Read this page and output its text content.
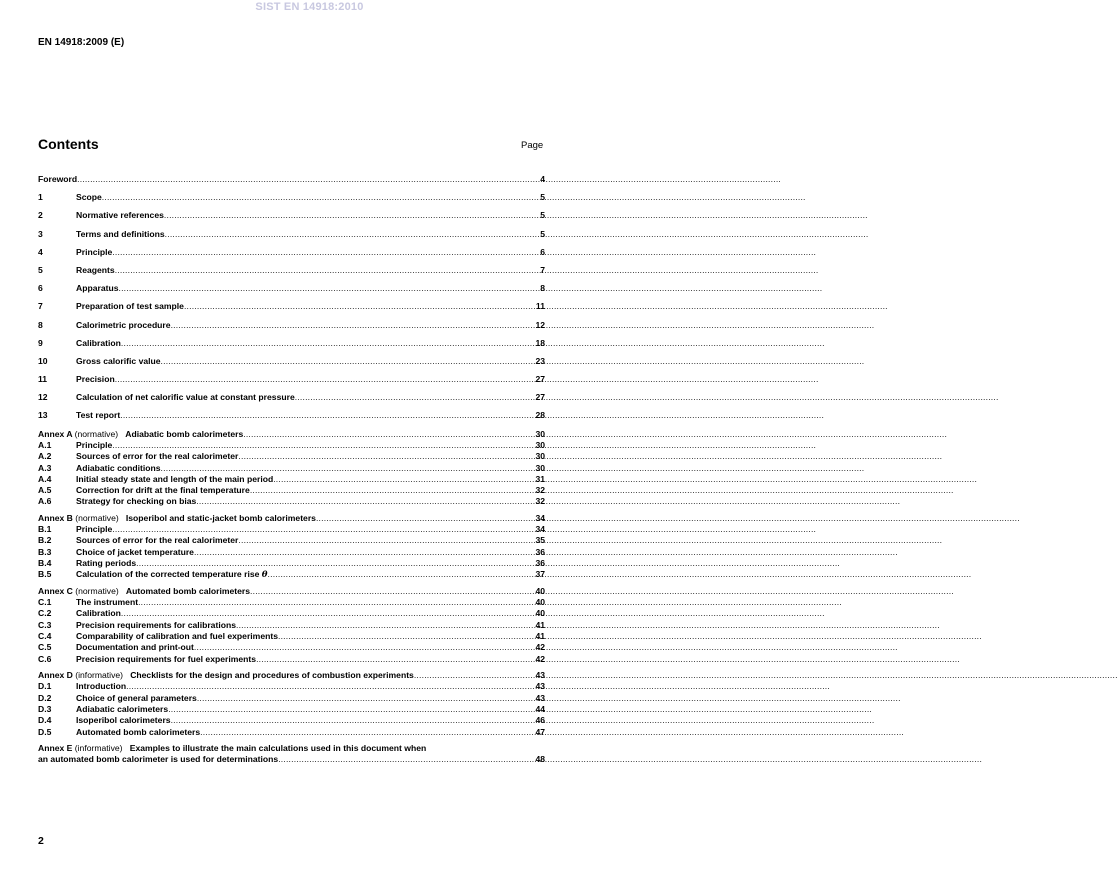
SIST EN 14918:2010
EN 14918:2009 (E)
Contents	Page
Foreword .....	4
1	Scope .....	5
2	Normative references .....	5
3	Terms and definitions .....	5
4	Principle .....	6
5	Reagents .....	7
6	Apparatus .....	8
7	Preparation of test sample .....	11
8	Calorimetric procedure .....	12
9	Calibration .....	18
10	Gross calorific value .....	23
11	Precision .....	27
12	Calculation of net calorific value at constant pressure .....	27
13	Test report .....	28
Annex A (normative) Adiabatic bomb calorimeters .....	30
A.1	Principle .....	30
A.2	Sources of error for the real calorimeter .....	30
A.3	Adiabatic conditions .....	30
A.4	Initial steady state and length of the main period .....	31
A.5	Correction for drift at the final temperature .....	32
A.6	Strategy for checking on bias .....	32
Annex B (normative) Isoperibol and static-jacket bomb calorimeters .....	34
B.1	Principle .....	34
B.2	Sources of error for the real calorimeter .....	35
B.3	Choice of jacket temperature .....	36
B.4	Rating periods .....	36
B.5	Calculation of the corrected temperature rise θ .....	37
Annex C (normative) Automated bomb calorimeters .....	40
C.1	The instrument .....	40
C.2	Calibration .....	40
C.3	Precision requirements for calibrations .....	41
C.4	Comparability of calibration and fuel experiments .....	41
C.5	Documentation and print-out .....	42
C.6	Precision requirements for fuel experiments .....	42
Annex D (informative) Checklists for the design and procedures of combustion experiments .....	43
D.1	Introduction .....	43
D.2	Choice of general parameters .....	43
D.3	Adiabatic calorimeters .....	44
D.4	Isoperibol calorimeters .....	46
D.5	Automated bomb calorimeters .....	47
Annex E (informative) Examples to illustrate the main calculations used in this document when
an automated bomb calorimeter is used for determinations .....	48
2
